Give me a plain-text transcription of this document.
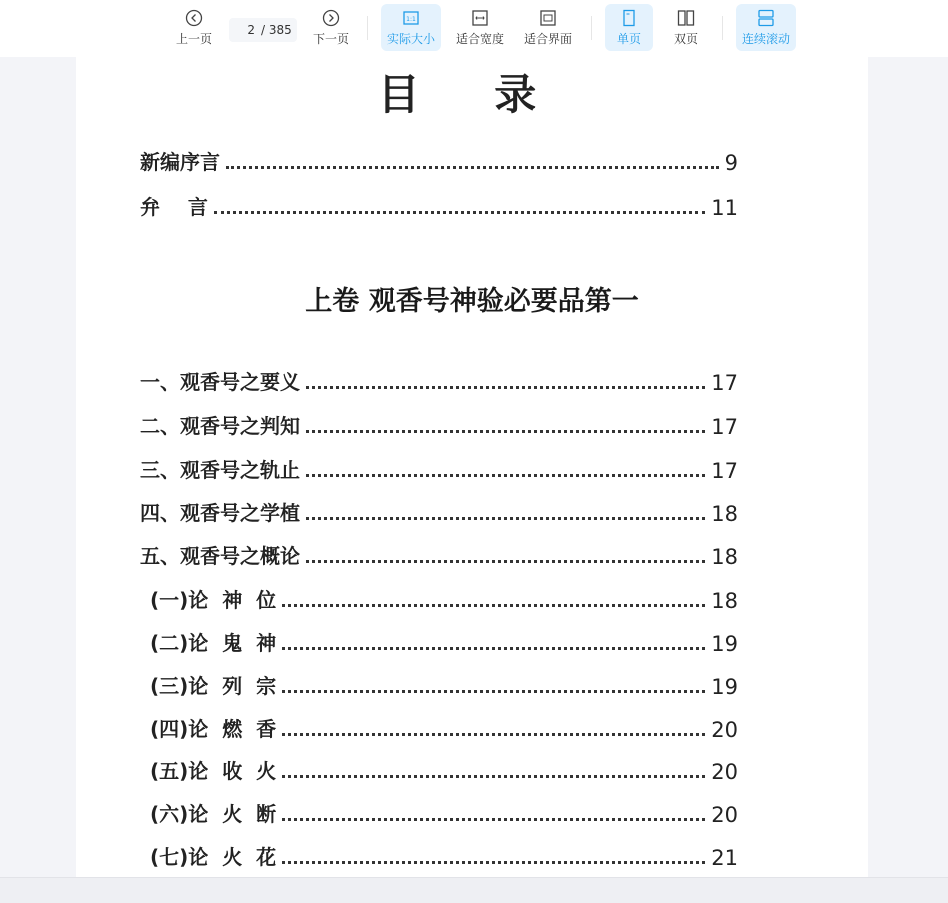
上一页
2
/ 385
下一页
1:1
实际大小 适合宽度 适合界面	单页	双页	连续滚动
目 录
新编序言	9
弁    言	11
上卷 观香号神验必要品第一
一、观香号之要义	17
二、观香号之判知	17
三、观香号之轨止	17
四、观香号之学植	18
五、观香号之概论	18
(一)论  神  位	18
(二)论  鬼  神	19
(三)论  列  宗	19
(四)论  燃  香	20
(五)论  收  火	20
(六)论  火  断	20
(七)论  火  花	21
